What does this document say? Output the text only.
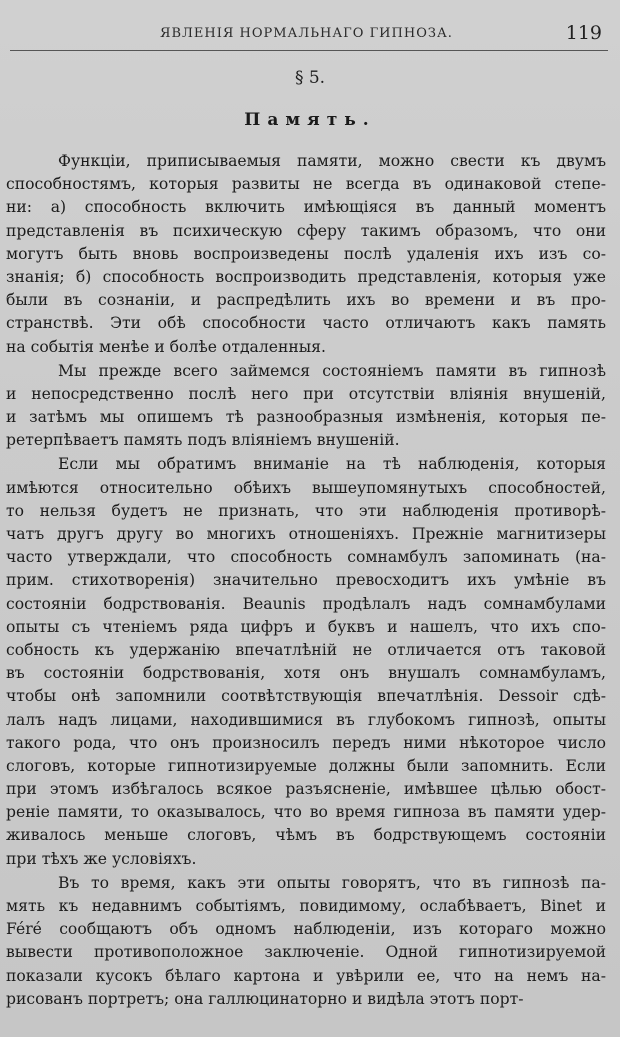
ЯВЛЕНІЯ НОРМАЛЬНАГО ГИПНОЗА.	119
§ 5.
Память.
Функціи, приписываемыя памяти, можно свести къ двумъ
способностямъ, которыя развиты не всегда въ одинаковой степе-
ни: а) способность включить имѣющіяся въ данный моментъ
представленія въ психическую сферу такимъ образомъ, что они
могутъ быть вновь воспроизведены послѣ удаленія ихъ изъ со-
знанія; б) способность воспроизводить представленія, которыя уже
были въ сознаніи, и распредѣлить ихъ во времени и въ про-
странствѣ. Эти обѣ способности часто отличаютъ какъ память
на событія менѣе и болѣе отдаленныя.
Мы прежде всего займемся состояніемъ памяти въ гипнозѣ
и непосредственно послѣ него при отсутствіи вліянія внушеній,
и затѣмъ мы опишемъ тѣ разнообразныя измѣненія, которыя пе-
ретерпѣваетъ память подъ вліяніемъ внушеній.
Если мы обратимъ вниманіе на тѣ наблюденія, которыя
имѣются относительно обѣихъ вышеупомянутыхъ способностей,
то нельзя будетъ не признать, что эти наблюденія противорѣ-
чатъ другъ другу во многихъ отношеніяхъ. Прежніе магнитизеры
часто утверждали, что способность сомнамбулъ запоминать (на-
прим. стихотворенія) значительно превосходитъ ихъ умѣніе въ
состояніи бодрствованія. Beaunis продѣлалъ надъ сомнамбулами
опыты съ чтеніемъ ряда цифръ и буквъ и нашелъ, что ихъ спо-
собность къ удержанію впечатлѣній не отличается отъ таковой
въ состояніи бодрствованія, хотя онъ внушалъ сомнамбуламъ,
чтобы онѣ запомнили соотвѣтствующія впечатлѣнія. Dessoir сдѣ-
лалъ надъ лицами, находившимися въ глубокомъ гипнозѣ, опыты
такого рода, что онъ произносилъ передъ ними нѣкоторое число
слоговъ, которые гипнотизируемые должны были запомнить. Если
при этомъ избѣгалось всякое разъясненіе, имѣвшее цѣлью обост-
реніе памяти, то оказывалось, что во время гипноза въ памяти удер-
живалось меньше слоговъ, чѣмъ въ бодрствующемъ состояніи
при тѣхъ же условіяхъ.
Въ то время, какъ эти опыты говорятъ, что въ гипнозѣ па-
мять къ недавнимъ событіямъ, повидимому, ослабѣваетъ, Binet и
Féré сообщаютъ объ одномъ наблюденіи, изъ котораго можно
вывести противоположное заключеніе. Одной гипнотизируемой
показали кусокъ бѣлаго картона и увѣрили ее, что на немъ на-
рисованъ портретъ; она галлюцинаторно и видѣла этотъ порт-
